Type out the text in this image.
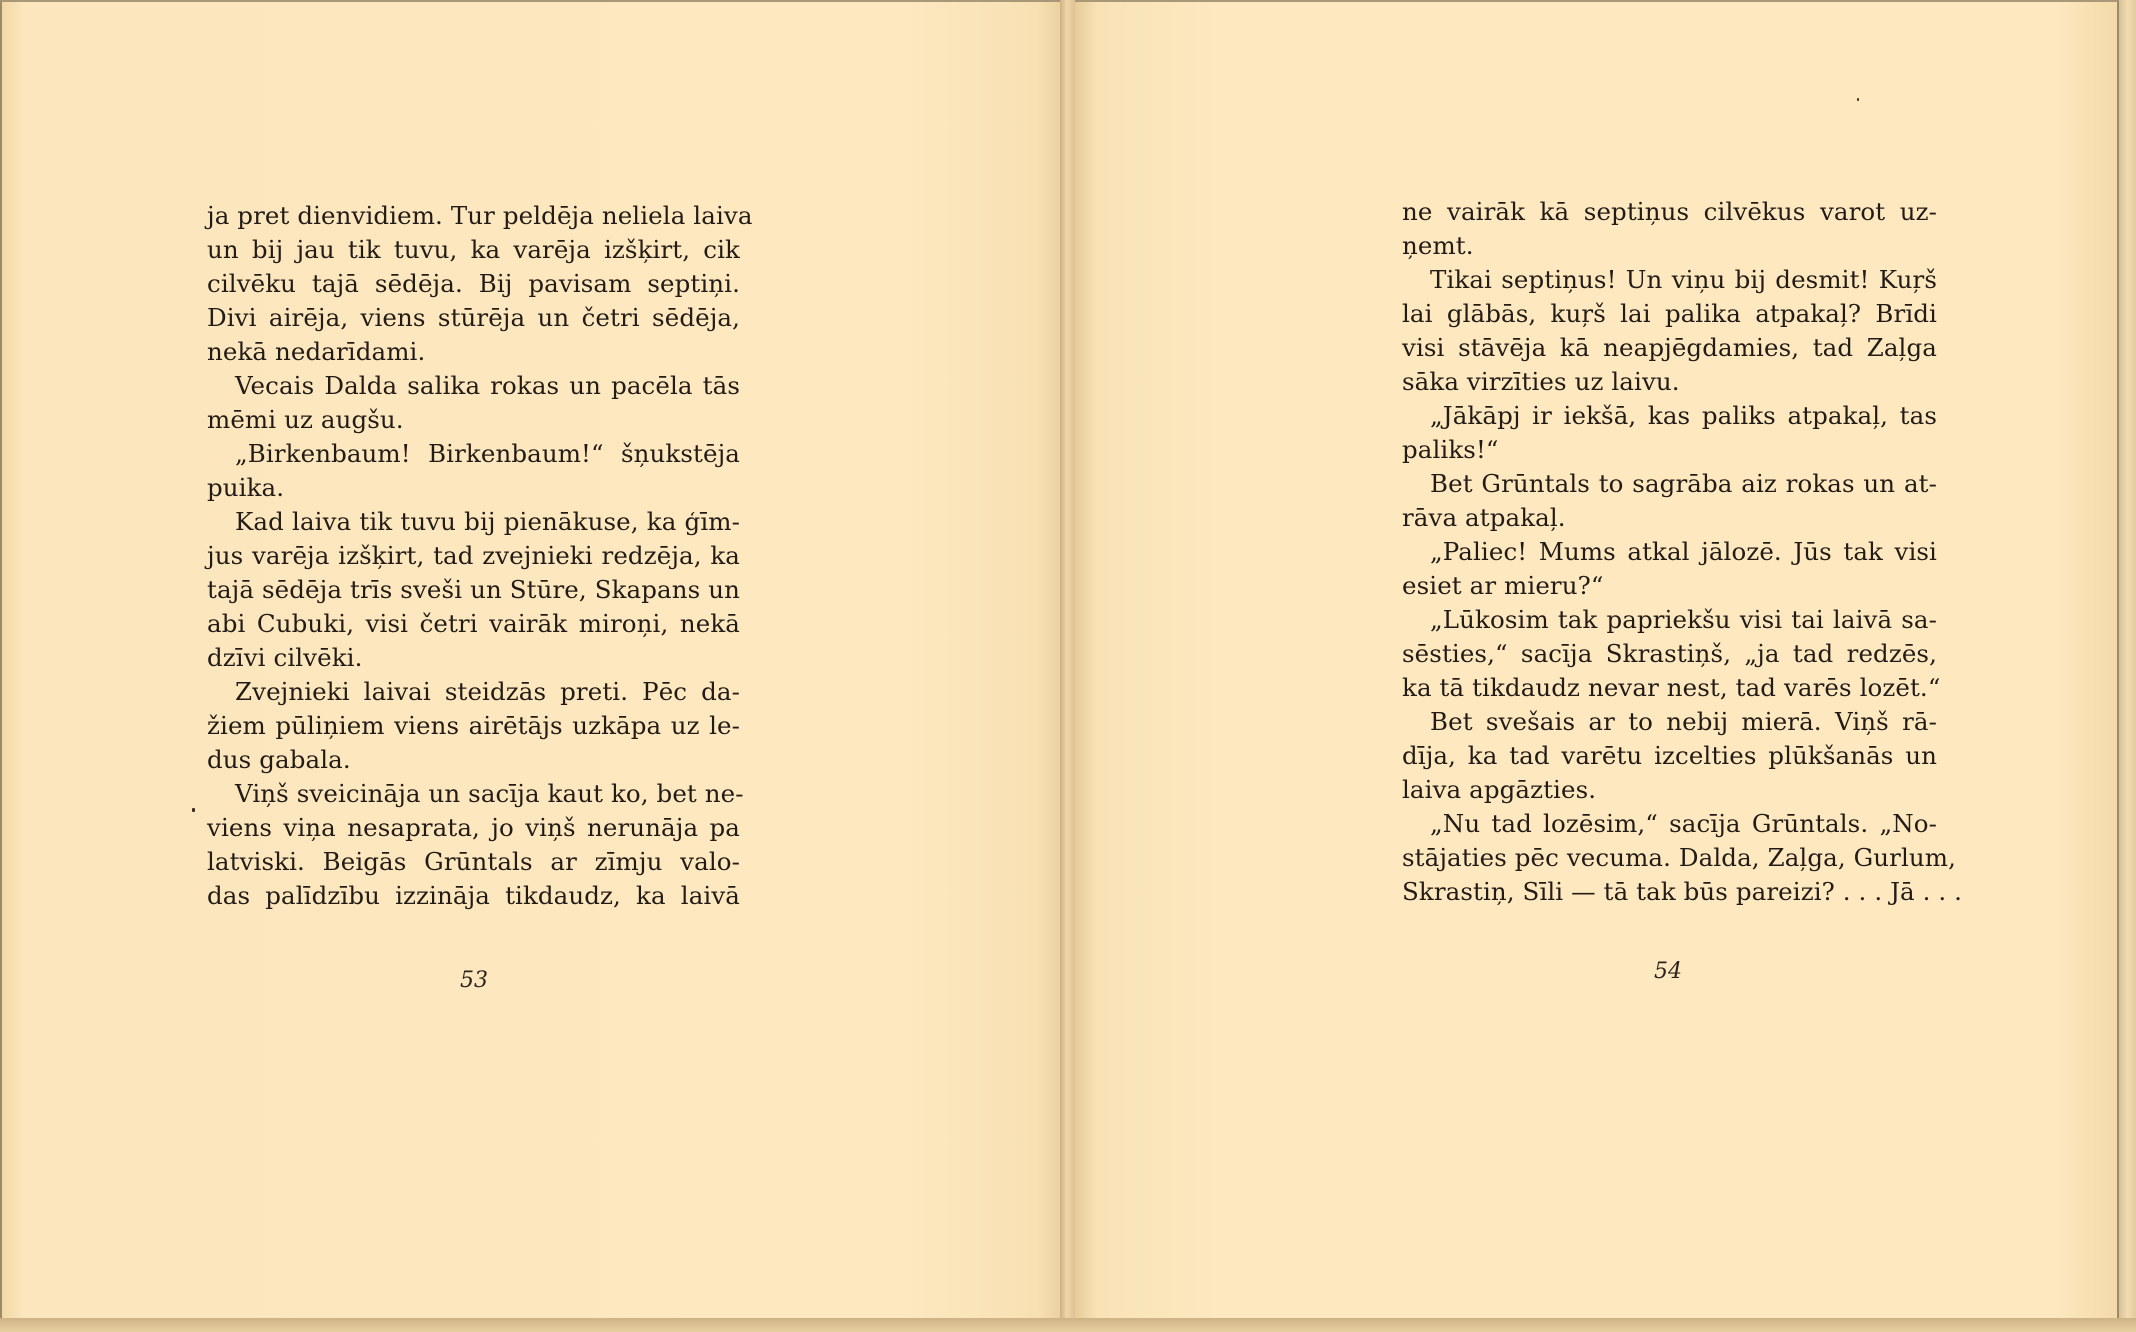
ja pret dienvidiem. Tur peldēja neliela laiva
un bij jau tik tuvu, ka varēja izšķirt, cik
cilvēku tajā sēdēja. Bij pavisam septiņi.
Divi airēja, viens stūrēja un četri sēdēja,
nekā nedarīdami.
Vecais Dalda salika rokas un pacēla tās
mēmi uz augšu.
„Birkenbaum! Birkenbaum!“ šņukstēja
puika.
Kad laiva tik tuvu bij pienākuse, ka ģīm-
jus varēja izšķirt, tad zvejnieki redzēja, ka
tajā sēdēja trīs sveši un Stūre, Skapans un
abi Cubuki, visi četri vairāk miroņi, nekā
dzīvi cilvēki.
Zvejnieki laivai steidzās preti. Pēc da-
žiem pūliņiem viens airētājs uzkāpa uz le-
dus gabala.
Viņš sveicināja un sacīja kaut ko, bet ne-
viens viņa nesaprata, jo viņš nerunāja pa
latviski. Beigās Grūntals ar zīmju valo-
das palīdzību izzināja tikdaudz, ka laivā
53
ne vairāk kā septiņus cilvēkus varot uz-
ņemt.
Tikai septiņus! Un viņu bij desmit! Kuŗš
lai glābās, kuŗš lai palika atpakaļ? Brīdi
visi stāvēja kā neapjēgdamies, tad Zaļga
sāka virzīties uz laivu.
„Jākāpj ir iekšā, kas paliks atpakaļ, tas
paliks!“
Bet Grūntals to sagrāba aiz rokas un at-
rāva atpakaļ.
„Paliec! Mums atkal jālozē. Jūs tak visi
esiet ar mieru?“
„Lūkosim tak papriekšu visi tai laivā sa-
sēsties,“ sacīja Skrastiņš, „ja tad redzēs,
ka tā tikdaudz nevar nest, tad varēs lozēt.“
Bet svešais ar to nebij mierā. Viņš rā-
dīja, ka tad varētu izcelties plūkšanās un
laiva apgāzties.
„Nu tad lozēsim,“ sacīja Grūntals. „No-
stājaties pēc vecuma. Dalda, Zaļga, Gurlum,
Skrastiņ, Sīli — tā tak būs pareizi? . . . Jā . . .
54
